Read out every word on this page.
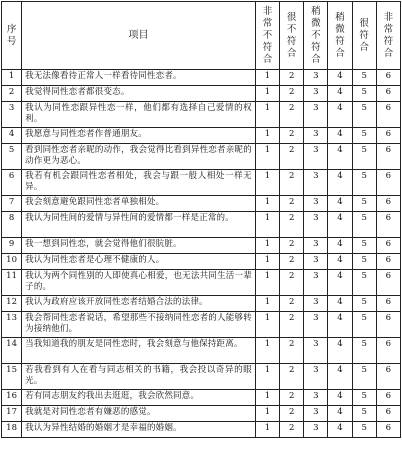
序
号	项目	非
常
不
符
合	很
不
符
合	稍
微
不
符
合	稍
微
符
合	很
符
合	非
常
符
合

1	我无法像看待正常人一样看待同性恋者。	1	2	3	4	5	6
2	我觉得同性恋者都很变态。	1	2	3	4	5	6
3	我认为同性恋跟异性恋一样，他们都有选择自己爱情的权利。	1	2	3	4	5	6
4	我愿意与同性恋者作普通朋友。	1	2	3	4	5	6
5	看到同性恋者亲昵的动作，我会觉得比看到异性恋者亲昵的动作更为恶心。	1	2	3	4	5	6
6	我若有机会跟同性恋者相处，我会与跟一般人相处一样无异。	1	2	3	4	5	6
7	我会刻意避免跟同性恋者单独相处。	1	2	3	4	5	6
8	我认为同性间的爱情与异性间的爱情都一样是正常的。	1	2	3	4	5	6
9	我一想到同性恋，就会觉得他们很肮脏。	1	2	3	4	5	6
10	我认为同性恋者是心理不健康的人。	1	2	3	4	5	6
11	我认为两个同性别的人即使真心相爱，也无法共同生活一辈子的。	1	2	3	4	5	6
12	我认为政府应该开放同性恋者结婚合法的法律。	1	2	3	4	5	6
13	我会帮同性恋者说话，希望那些不接纳同性恋者的人能够转为接纳他们。	1	2	3	4	5	6
14	当我知道我的朋友是同性恋时，我会刻意与他保持距离。	1	2	3	4	5	6
15	若我看到有人在看与同志相关的书籍，我会投以奇异的眼光。	1	2	3	4	5	6
16	若有同志朋友约我出去逛逛，我会欣然同意。	1	2	3	4	5	6
17	我就是对同性恋者有嫌恶的感觉。	1	2	3	4	5	6
18	我认为异性结婚的婚姻才是幸福的婚姻。	1	2	3	4	5	6
